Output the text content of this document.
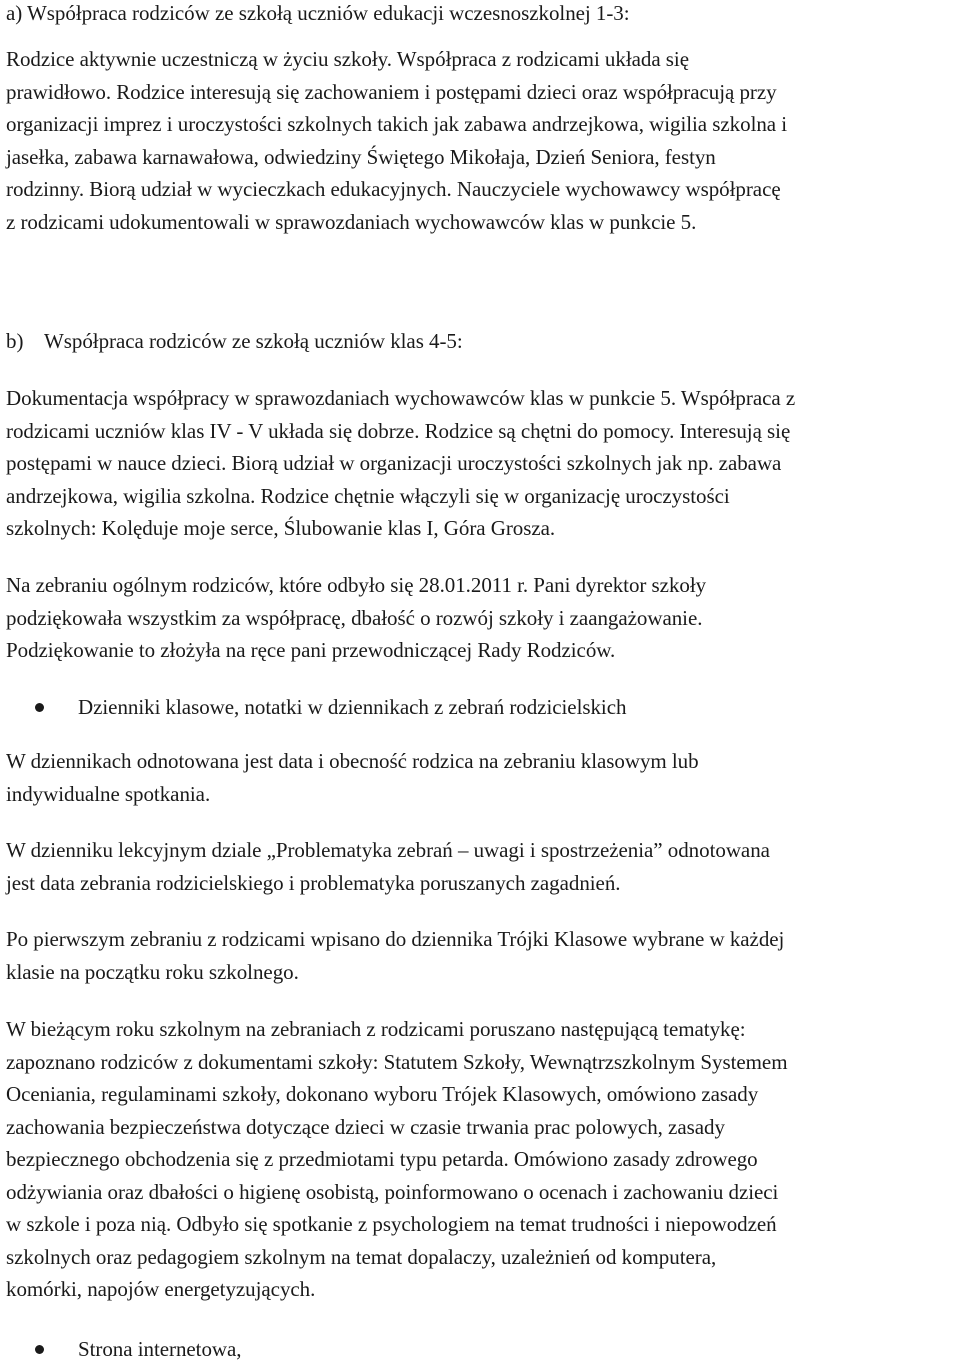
a) Współpraca rodziców ze szkołą uczniów edukacji wczesnoszkolnej 1-3:
Rodzice aktywnie uczestniczą w życiu szkoły. Współpraca z rodzicami układa się
prawidłowo. Rodzice interesują się zachowaniem i postępami dzieci oraz współpracują przy
organizacji imprez i uroczystości szkolnych takich jak zabawa andrzejkowa, wigilia szkolna i
jasełka, zabawa karnawałowa, odwiedziny Świętego Mikołaja, Dzień Seniora, festyn
rodzinny. Biorą udział w wycieczkach edukacyjnych. Nauczyciele wychowawcy współpracę
z rodzicami udokumentowali w sprawozdaniach wychowawców klas w punkcie 5.
b) Współpraca rodziców ze szkołą uczniów klas 4-5:
Dokumentacja współpracy w sprawozdaniach wychowawców klas w punkcie 5. Współpraca z
rodzicami uczniów klas IV - V układa się dobrze. Rodzice są chętni do pomocy. Interesują się
postępami w nauce dzieci. Biorą udział w organizacji uroczystości szkolnych jak np. zabawa
andrzejkowa, wigilia szkolna. Rodzice chętnie włączyli się w organizację uroczystości
szkolnych: Kolęduje moje serce, Ślubowanie klas I, Góra Grosza.
Na zebraniu ogólnym rodziców, które odbyło się 28.01.2011 r. Pani dyrektor szkoły
podziękowała wszystkim za współpracę, dbałość o rozwój szkoły i zaangażowanie.
Podziękowanie to złożyła na ręce pani przewodniczącej Rady Rodziców.
Dzienniki klasowe, notatki w dziennikach z zebrań rodzicielskich
W dziennikach odnotowana jest data i obecność rodzica na zebraniu klasowym lub
indywidualne spotkania.
W dzienniku lekcyjnym dziale „Problematyka zebrań – uwagi i spostrzeżenia” odnotowana
jest data zebrania rodzicielskiego i problematyka poruszanych zagadnień.
Po pierwszym zebraniu z rodzicami wpisano do dziennika Trójki Klasowe wybrane w każdej
klasie na początku roku szkolnego.
W bieżącym roku szkolnym na zebraniach z rodzicami poruszano następującą tematykę:
zapoznano rodziców z dokumentami szkoły: Statutem Szkoły, Wewnątrzszkolnym Systemem
Oceniania, regulaminami szkoły, dokonano wyboru Trójek Klasowych, omówiono zasady
zachowania bezpieczeństwa dotyczące dzieci w czasie trwania prac polowych, zasady
bezpiecznego obchodzenia się z przedmiotami typu petarda. Omówiono zasady zdrowego
odżywiania oraz dbałości o higienę osobistą, poinformowano o ocenach i zachowaniu dzieci
w szkole i poza nią. Odbyło się spotkanie z psychologiem na temat trudności i niepowodzeń
szkolnych oraz pedagogiem szkolnym na temat dopalaczy, uzależnień od komputera,
komórki, napojów energetyzujących.
Strona internetowa,
